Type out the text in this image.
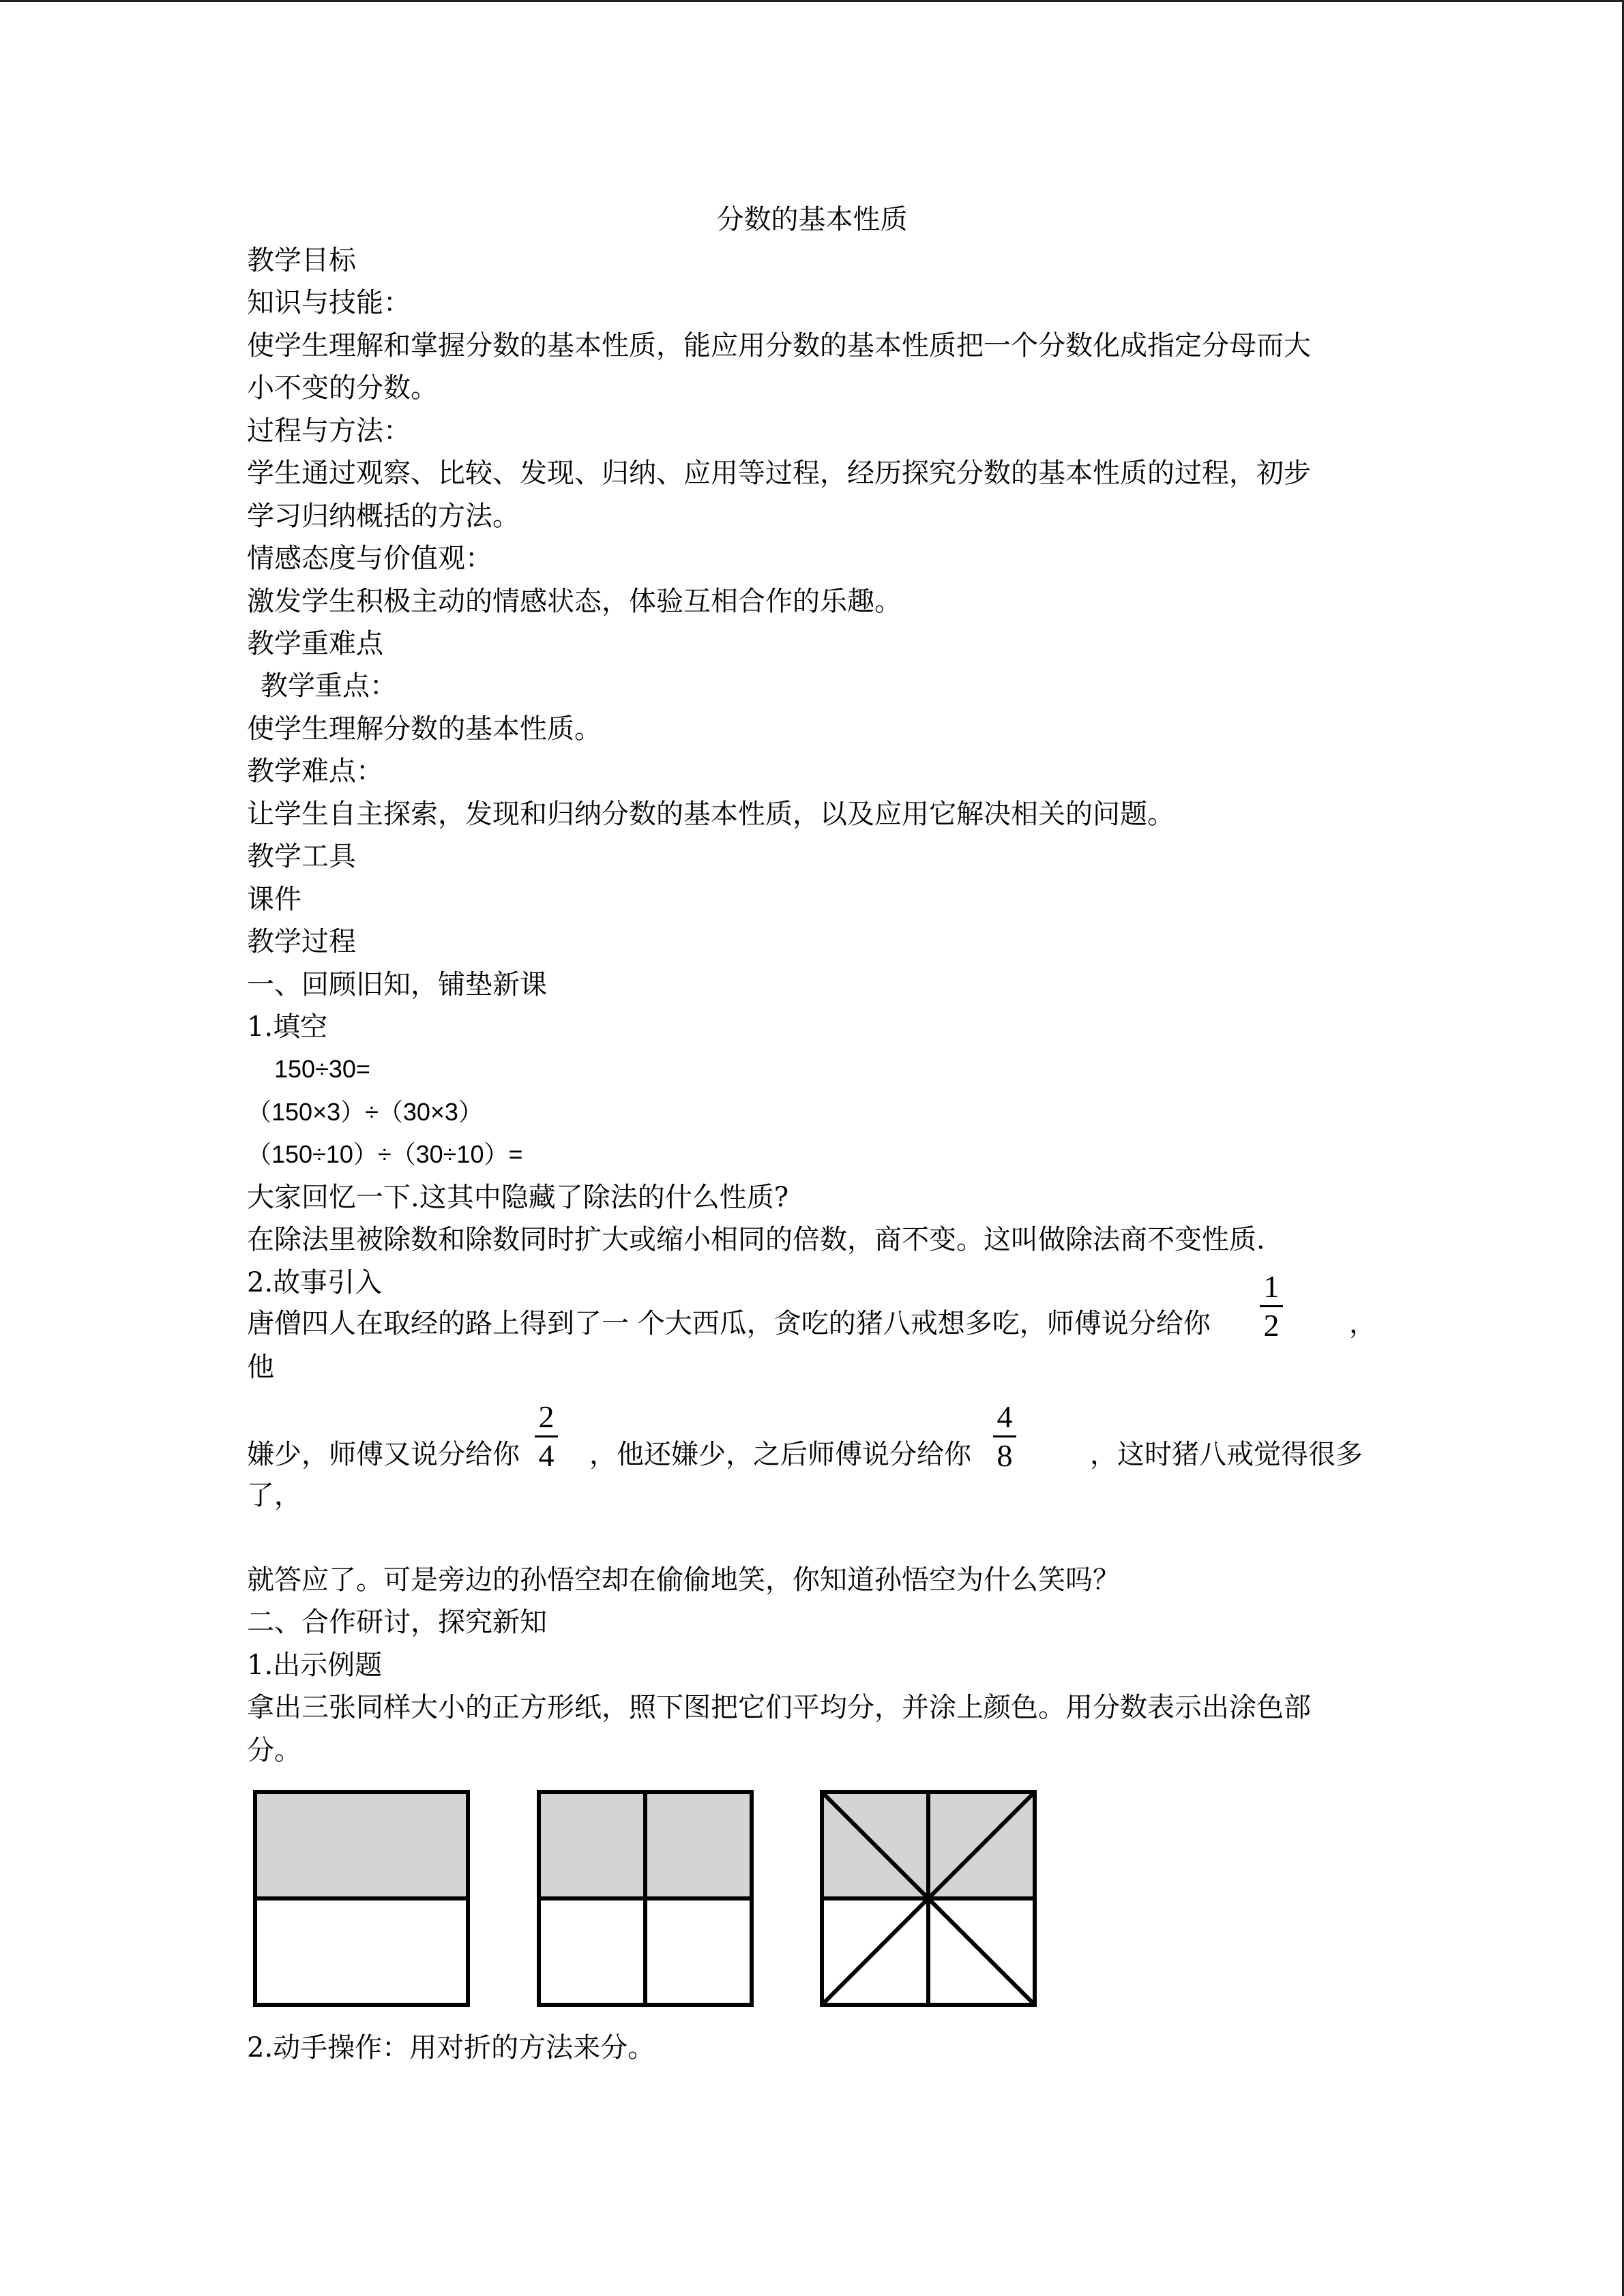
分数的基本性质
教学目标
知识与技能：
使学生理解和掌握分数的基本性质，能应用分数的基本性质把一个分数化成指定分母而大
小不变的分数。
过程与方法：
学生通过观察、比较、发现、归纳、应用等过程，经历探究分数的基本性质的过程，初步
学习归纳概括的方法。
情感态度与价值观：
激发学生积极主动的情感状态，体验互相合作的乐趣。
教学重难点
教学重点：
使学生理解分数的基本性质。
教学难点：
让学生自主探索，发现和归纳分数的基本性质，以及应用它解决相关的问题。
教学工具
课件
教学过程
一、回顾旧知，铺垫新课
1.填空
150÷30=
（150×3）÷（30×3）
（150÷10）÷（30÷10）=
大家回忆一下.这其中隐藏了除法的什么性质?
在除法里被除数和除数同时扩大或缩小相同的倍数，商不变。这叫做除法商不变性质.
2.故事引入
唐僧四人在取经的路上得到了一 个大西瓜，贪吃的猪八戒想多吃，师傅说分给你
1
2	，
他
嫌少，师傅又说分给你
2
4 ，他还嫌少，之后师傅说分给你
4
8	，这时猪八戒觉得很多
了，
就答应了。可是旁边的孙悟空却在偷偷地笑，你知道孙悟空为什么笑吗？
二、合作研讨，探究新知
1.出示例题
拿出三张同样大小的正方形纸，照下图把它们平均分，并涂上颜色。用分数表示出涂色部
分。
2.动手操作：用对折的方法来分。
